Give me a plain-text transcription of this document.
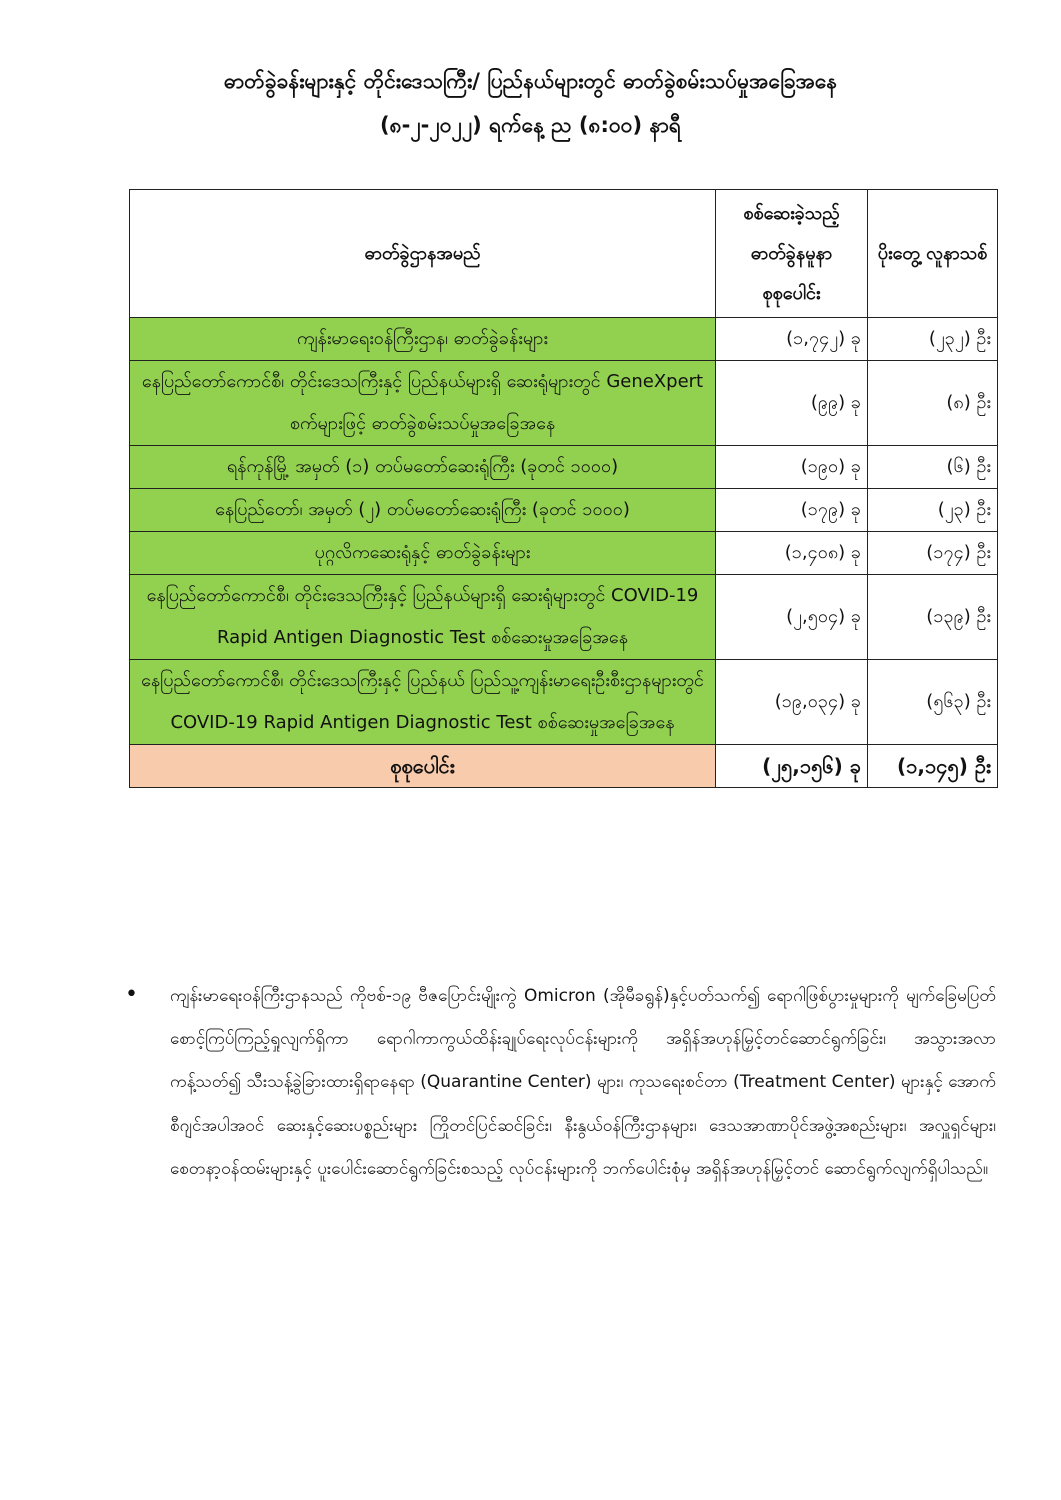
ဓာတ်ခွဲခန်းများနှင့် တိုင်းဒေသကြီး/ ပြည်နယ်များတွင် ဓာတ်ခွဲစမ်းသပ်မှုအခြေအနေ
(၈-၂-၂၀၂၂) ရက်နေ့ ည (၈:၀၀) နာရီ
ဓာတ်ခွဲဌာနအမည်	စစ်ဆေးခဲ့သည့် ဓာတ်ခွဲနမူနာ စုစုပေါင်း	ပိုးတွေ့ လူနာသစ်
ကျန်းမာရေးဝန်ကြီးဌာန၊ ဓာတ်ခွဲခန်းများ	(၁,၇၄၂) ခု	(၂၃၂) ဦး
နေပြည်တော်ကောင်စီ၊ တိုင်းဒေသကြီးနှင့် ပြည်နယ်များရှိ ဆေးရုံများတွင် GeneXpert စက်များဖြင့် ဓာတ်ခွဲစမ်းသပ်မှုအခြေအနေ	(၉၉) ခု	(၈) ဦး
ရန်ကုန်မြို့ အမှတ် (၁) တပ်မတော်ဆေးရုံကြီး (ခုတင် ၁၀၀၀)	(၁၉၀) ခု	(၆) ဦး
နေပြည်တော်၊ အမှတ် (၂) တပ်မတော်ဆေးရုံကြီး (ခုတင် ၁၀၀၀)	(၁၇၉) ခု	(၂၃) ဦး
ပုဂ္ဂလိကဆေးရုံနှင့် ဓာတ်ခွဲခန်းများ	(၁,၄၀၈) ခု	(၁၇၄) ဦး
နေပြည်တော်ကောင်စီ၊ တိုင်းဒေသကြီးနှင့် ပြည်နယ်များရှိ ဆေးရုံများတွင် COVID-19 Rapid Antigen Diagnostic Test စစ်ဆေးမှုအခြေအနေ	(၂,၅၀၄) ခု	(၁၃၉) ဦး
နေပြည်တော်ကောင်စီ၊ တိုင်းဒေသကြီးနှင့် ပြည်နယ် ပြည်သူ့ကျန်းမာရေးဦးစီးဌာနများတွင် COVID-19 Rapid Antigen Diagnostic Test စစ်ဆေးမှုအခြေအနေ	(၁၉,၀၃၄) ခု	(၅၆၃) ဦး
စုစုပေါင်း	(၂၅,၁၅၆) ခု	(၁,၁၄၅) ဦး
• ကျန်းမာရေးဝန်ကြီးဌာနသည် ကိုဗစ်-၁၉ ဗီဇပြောင်းမျိုးကွဲ Omicron (အိုမီခရွန်)နှင့်ပတ်သက်၍ ရောဂါဖြစ်ပွားမှုများကို မျက်ခြေမပြတ်စောင့်ကြပ်ကြည့်ရှုလျက်ရှိကာ ရောဂါကာကွယ်ထိန်းချုပ်ရေးလုပ်ငန်းများကို အရှိန်အဟုန်မြှင့်တင်ဆောင်ရွက်ခြင်း၊ အသွားအလာကန့်သတ်၍ သီးသန့်ခွဲခြားထားရှိရာနေရာ (Quarantine Center) များ၊ ကုသရေးစင်တာ (Treatment Center) များနှင့် အောက်စီဂျင်အပါအဝင် ဆေးနှင့်ဆေးပစ္စည်းများ ကြိုတင်ပြင်ဆင်ခြင်း၊ နီးနွယ်ဝန်ကြီးဌာနများ၊ ဒေသအာဏာပိုင်အဖွဲ့အစည်းများ၊ အလှူရှင်များ၊ စေတနာ့ဝန်ထမ်းများနှင့် ပူးပေါင်းဆောင်ရွက်ခြင်းစသည့် လုပ်ငန်းများကို ဘက်ပေါင်းစုံမှ အရှိန်အဟုန်မြှင့်တင် ဆောင်ရွက်လျက်ရှိပါသည်။
